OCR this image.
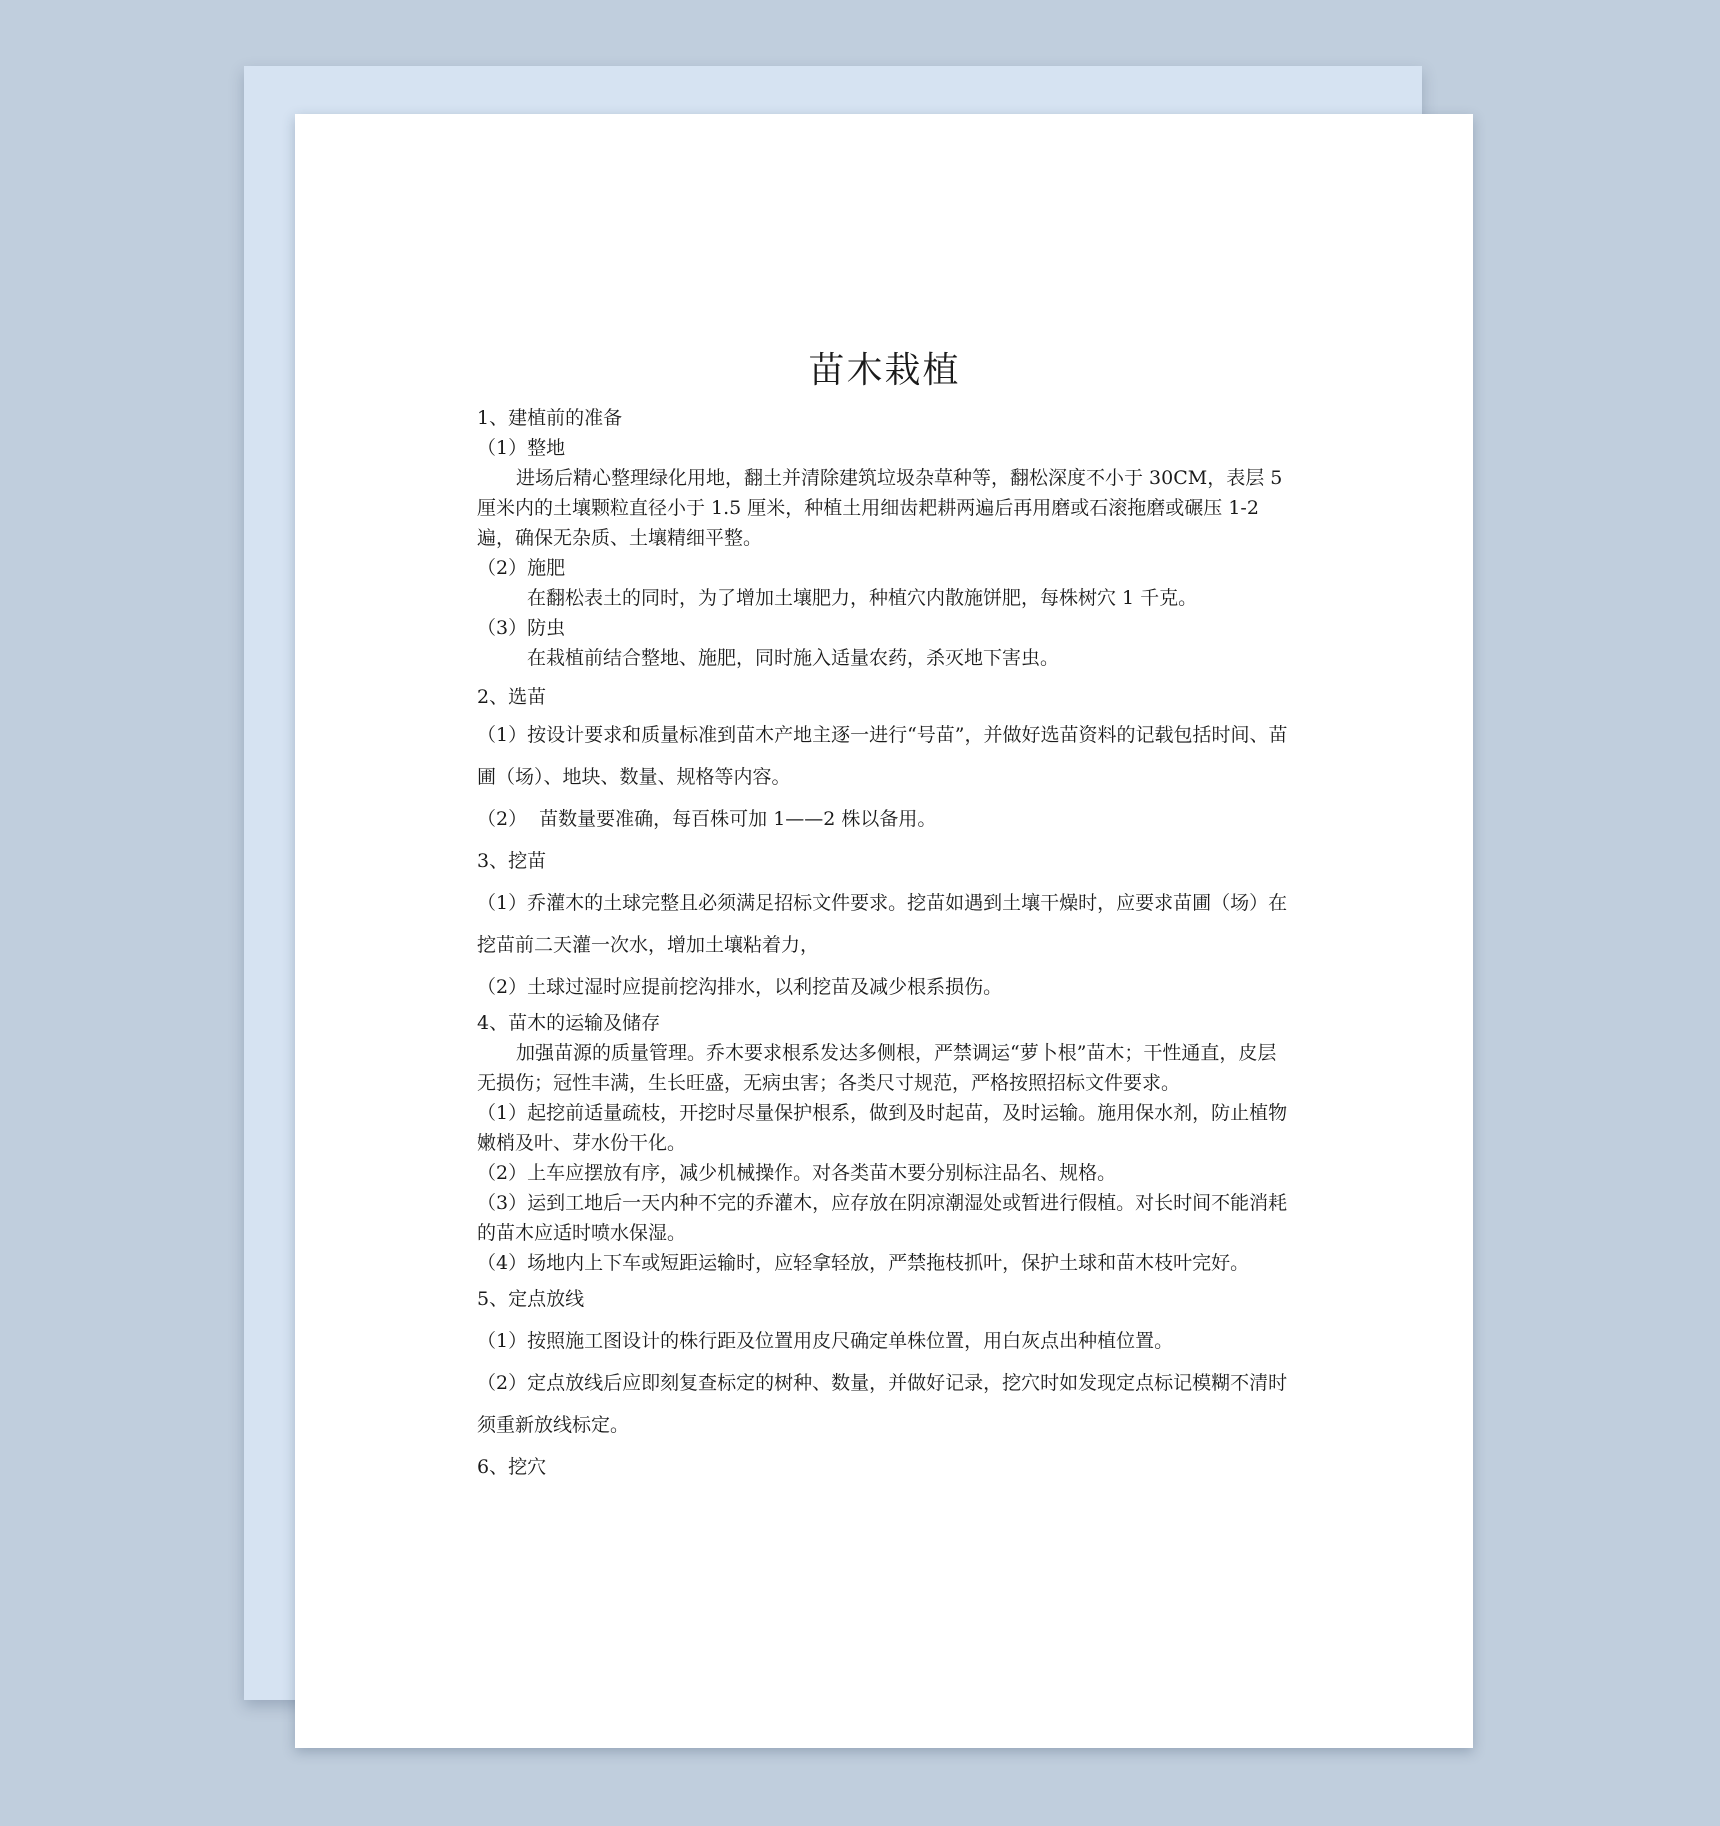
苗木栽植

1、建植前的准备

（1）整地

进场后精心整理绿化用地，翻土并清除建筑垃圾杂草种等，翻松深度不小于 30CM，表层 5 厘米内的土壤颗粒直径小于 1.5 厘米，种植土用细齿耙耕两遍后再用磨或石滚拖磨或碾压 1-2 遍，确保无杂质、土壤精细平整。

（2）施肥

在翻松表土的同时，为了增加土壤肥力，种植穴内散施饼肥，每株树穴 1 千克。

（3）防虫

在栽植前结合整地、施肥，同时施入适量农药，杀灭地下害虫。

2、选苗

（1）按设计要求和质量标准到苗木产地主逐一进行“号苗”，并做好选苗资料的记载包括时间、苗圃（场）、地块、数量、规格等内容。

（2）  苗数量要准确，每百株可加 1——2 株以备用。

3、挖苗

（1）乔灌木的土球完整且必须满足招标文件要求。挖苗如遇到土壤干燥时，应要求苗圃（场）在挖苗前二天灌一次水，增加土壤粘着力，

（2）土球过湿时应提前挖沟排水，以利挖苗及减少根系损伤。

4、苗木的运输及储存

加强苗源的质量管理。乔木要求根系发达多侧根，严禁调运“萝卜根”苗木；干性通直，皮层无损伤；冠性丰满，生长旺盛，无病虫害；各类尺寸规范，严格按照招标文件要求。

（1）起挖前适量疏枝，开挖时尽量保护根系，做到及时起苗，及时运输。施用保水剂，防止植物嫩梢及叶、芽水份干化。

（2）上车应摆放有序，减少机械操作。对各类苗木要分别标注品名、规格。

（3）运到工地后一天内种不完的乔灌木，应存放在阴凉潮湿处或暂进行假植。对长时间不能消耗的苗木应适时喷水保湿。

（4）场地内上下车或短距运输时，应轻拿轻放，严禁拖枝抓叶，保护土球和苗木枝叶完好。

5、定点放线

（1）按照施工图设计的株行距及位置用皮尺确定单株位置，用白灰点出种植位置。

（2）定点放线后应即刻复查标定的树种、数量，并做好记录，挖穴时如发现定点标记模糊不清时须重新放线标定。

6、挖穴
